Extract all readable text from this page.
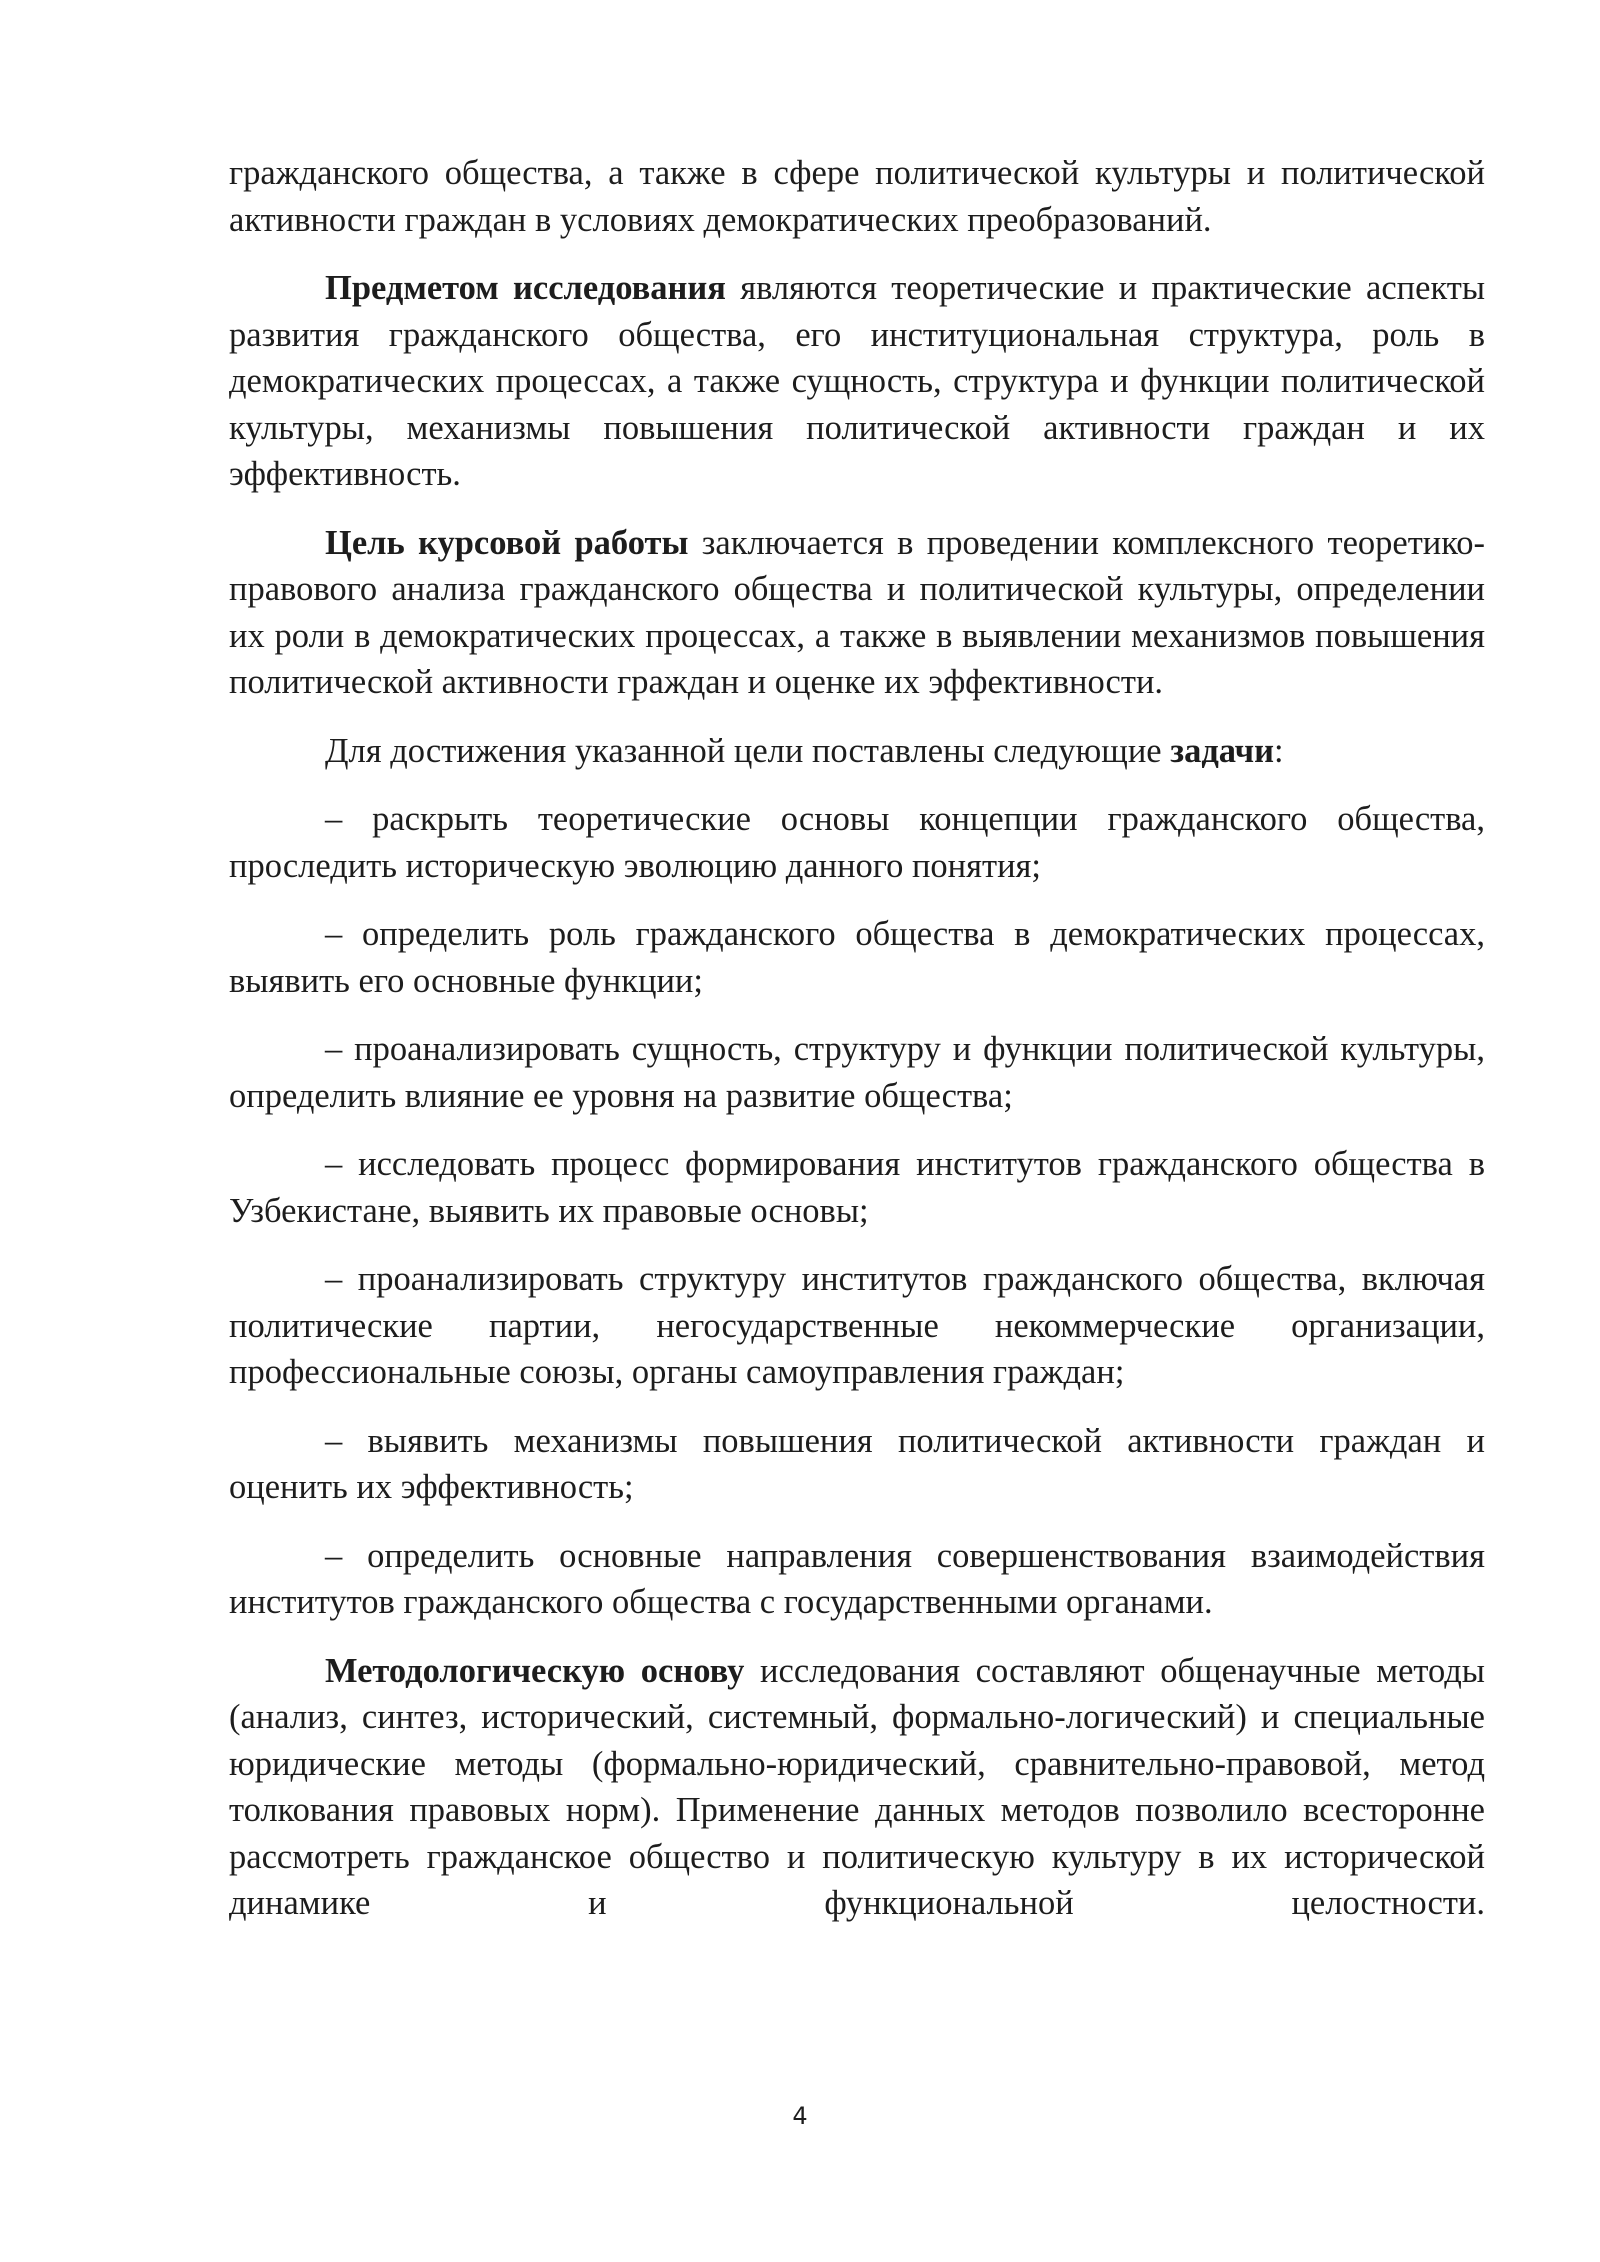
гражданского общества, а также в сфере политической культуры и политической активности граждан в условиях демократических преобразований.

Предметом исследования являются теоретические и практические аспекты развития гражданского общества, его институциональная структура, роль в демократических процессах, а также сущность, структура и функции политической культуры, механизмы повышения политической активности граждан и их эффективность.

Цель курсовой работы заключается в проведении комплексного теоретико-правового анализа гражданского общества и политической культуры, определении их роли в демократических процессах, а также в выявлении механизмов повышения политической активности граждан и оценке их эффективности.

Для достижения указанной цели поставлены следующие задачи:

– раскрыть теоретические основы концепции гражданского общества, проследить историческую эволюцию данного понятия;

– определить роль гражданского общества в демократических процессах, выявить его основные функции;

– проанализировать сущность, структуру и функции политической культуры, определить влияние ее уровня на развитие общества;

– исследовать процесс формирования институтов гражданского общества в Узбекистане, выявить их правовые основы;

– проанализировать структуру институтов гражданского общества, включая политические партии, негосударственные некоммерческие организации, профессиональные союзы, органы самоуправления граждан;

– выявить механизмы повышения политической активности граждан и оценить их эффективность;

– определить основные направления совершенствования взаимодействия институтов гражданского общества с государственными органами.

Методологическую основу исследования составляют общенаучные методы (анализ, синтез, исторический, системный, формально-логический) и специальные юридические методы (формально-юридический, сравнительно-правовой, метод толкования правовых норм). Применение данных методов позволило всесторонне рассмотреть гражданское общество и политическую культуру в их исторической динамике и функциональной целостности.

4
